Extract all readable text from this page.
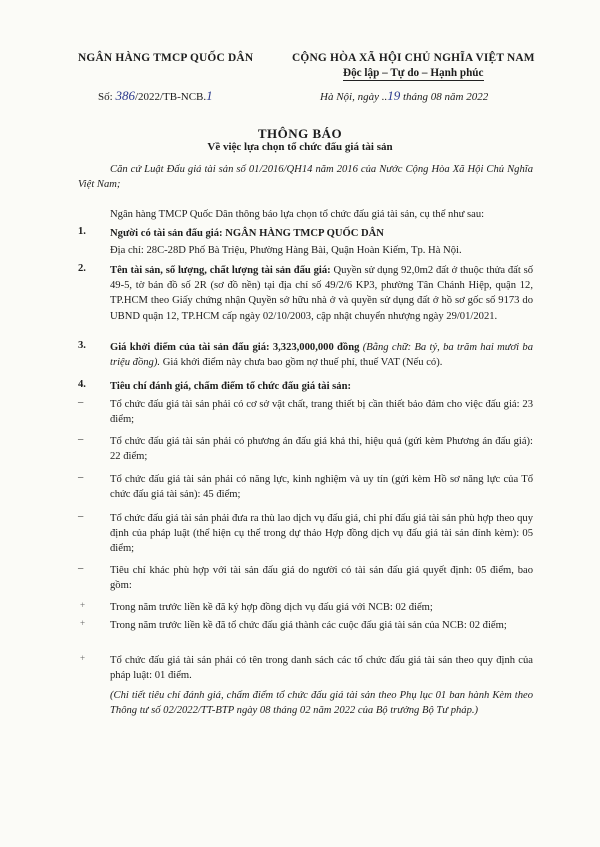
NGÂN HÀNG TMCP QUỐC DÂN	CỘNG HÒA XÃ HỘI CHỦ NGHĨA VIỆT NAM
Độc lập – Tự do – Hạnh phúc
Số: 386/2022/TB-NCB.1	Hà Nội, ngày ..19 tháng 08 năm 2022
THÔNG BÁO
Về việc lựa chọn tổ chức đấu giá tài sản
Căn cứ Luật Đấu giá tài sản số 01/2016/QH14 năm 2016 của Nước Cộng Hòa Xã Hội Chủ Nghĩa Việt Nam;
Ngân hàng TMCP Quốc Dân thông báo lựa chọn tổ chức đấu giá tài sản, cụ thể như sau:
1. Người có tài sản đấu giá: NGÂN HÀNG TMCP QUỐC DÂN
Địa chỉ: 28C-28D Phố Bà Triệu, Phường Hàng Bài, Quận Hoàn Kiếm, Tp. Hà Nội.
2. Tên tài sản, số lượng, chất lượng tài sản đấu giá: Quyền sử dụng 92,0m2 đất ở thuộc thửa đất số 49-5, tờ bản đồ số 2R (sơ đồ nền) tại địa chỉ số 49/2/6 KP3, phường Tân Chánh Hiệp, quận 12, TP.HCM theo Giấy chứng nhận Quyền sở hữu nhà ở và quyền sử dụng đất ở hồ sơ gốc số 9173 do UBND quận 12, TP.HCM cấp ngày 02/10/2003, cập nhật chuyển nhượng ngày 29/01/2021.
3. Giá khởi điểm của tài sản đấu giá: 3,323,000,000 đồng (Bằng chữ: Ba tỷ, ba trăm hai mươi ba triệu đồng). Giá khởi điểm này chưa bao gồm nợ thuế phí, thuế VAT (Nếu có).
4. Tiêu chí đánh giá, chấm điểm tổ chức đấu giá tài sản:
–	Tổ chức đấu giá tài sản phải có cơ sở vật chất, trang thiết bị cần thiết bảo đảm cho việc đấu giá: 23 điểm;
–	Tổ chức đấu giá tài sản phải có phương án đấu giá khả thi, hiệu quả (gửi kèm Phương án đấu giá): 22 điểm;
–	Tổ chức đấu giá tài sản phải có năng lực, kinh nghiệm và uy tín (gửi kèm Hồ sơ năng lực của Tổ chức đấu giá tài sản): 45 điểm;
–	Tổ chức đấu giá tài sản phải đưa ra thù lao dịch vụ đấu giá, chi phí đấu giá tài sản phù hợp theo quy định của pháp luật (thể hiện cụ thể trong dự thảo Hợp đồng dịch vụ đấu giá tài sản đính kèm): 05 điểm;
–	Tiêu chí khác phù hợp với tài sản đấu giá do người có tài sản đấu giá quyết định: 05 điểm, bao gồm:
+ Trong năm trước liền kề đã ký hợp đồng dịch vụ đấu giá với NCB: 02 điểm;
+ Trong năm trước liền kề đã tổ chức đấu giá thành các cuộc đấu giá tài sản của NCB: 02 điểm;
+ Tổ chức đấu giá tài sản phải có tên trong danh sách các tổ chức đấu giá tài sản theo quy định của pháp luật: 01 điểm.
(Chi tiết tiêu chí đánh giá, chấm điểm tổ chức đấu giá tài sản theo Phụ lục 01 ban hành Kèm theo Thông tư số 02/2022/TT-BTP ngày 08 tháng 02 năm 2022 của Bộ trưởng Bộ Tư pháp.)
